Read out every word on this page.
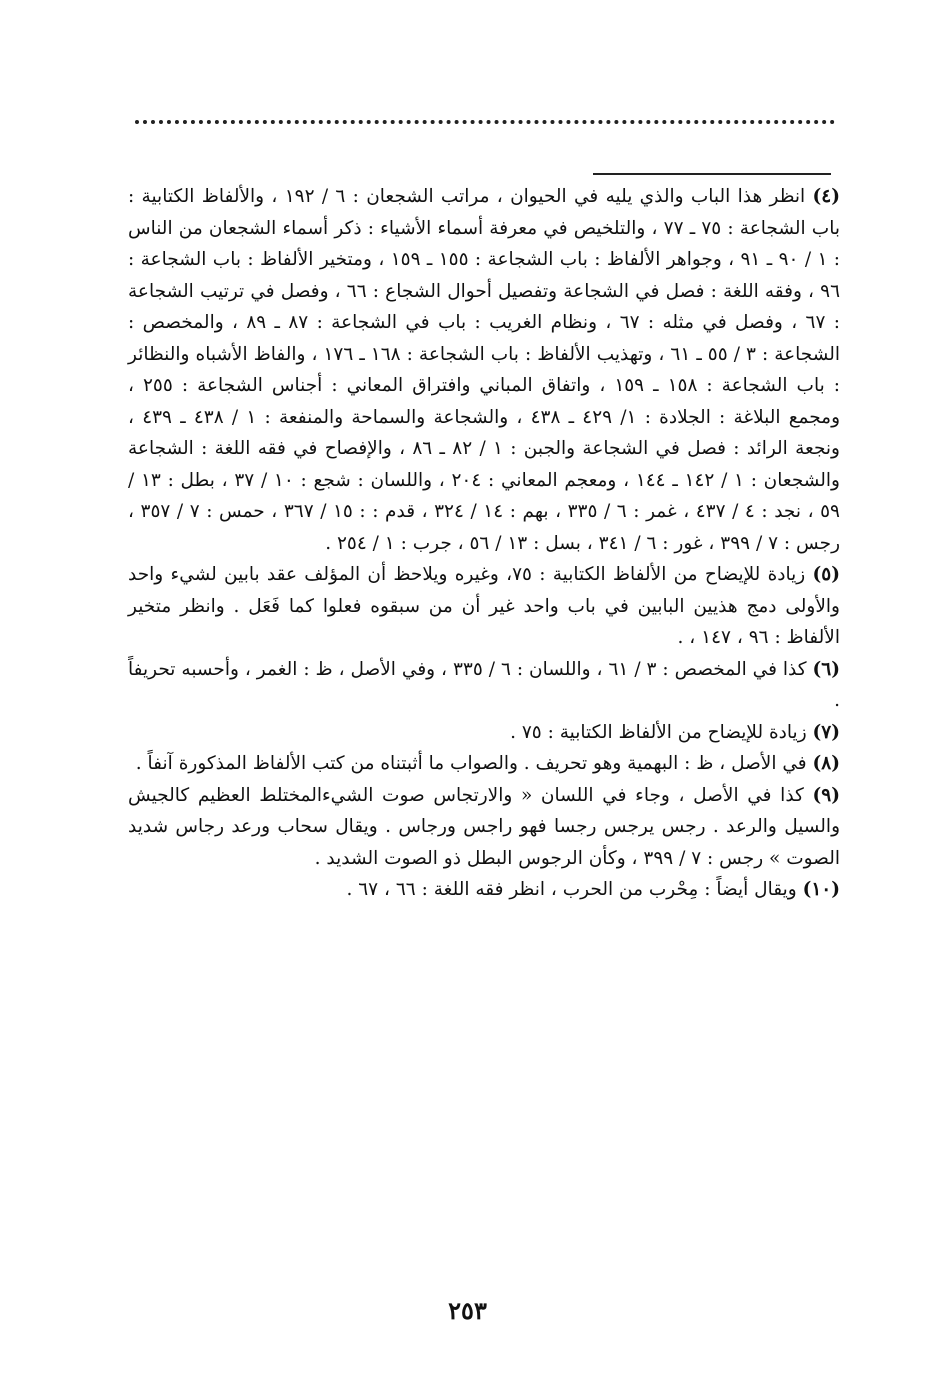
(٤) انظر هذا الباب والذي يليه في الحيوان ، مراتب الشجعان : ٦ / ١٩٢ ، والألفاظ الكتابية : باب الشجاعة : ٧٥ ـ ٧٧ ، والتلخيص في معرفة أسماء الأشياء : ذكر أسماء الشجعان من الناس : ١ / ٩٠ ـ ٩١ ، وجواهر الألفاظ : باب الشجاعة : ١٥٥ ـ ١٥٩ ، ومتخير الألفاظ : باب الشجاعة : ٩٦ ، وفقه اللغة : فصل في الشجاعة وتفصيل أحوال الشجاع : ٦٦ ، وفصل في ترتيب الشجاعة : ٦٧ ، وفصل في مثله : ٦٧ ، ونظام الغريب : باب في الشجاعة : ٨٧ ـ ٨٩ ، والمخصص : الشجاعة : ٣ / ٥٥ ـ ٦١ ، وتهذيب الألفاظ : باب الشجاعة : ١٦٨ ـ ١٧٦ ، والفاظ الأشباه والنظائر : باب الشجاعة : ١٥٨ ـ ١٥٩ ، واتفاق المباني وافتراق المعاني : أجناس الشجاعة : ٢٥٥ ، ومجمع البلاغة : الجلادة : ١/ ٤٢٩ ـ ٤٣٨ ، والشجاعة والسماحة والمنفعة : ١ / ٤٣٨ ـ ٤٣٩ ، ونجعة الرائد : فصل في الشجاعة والجبن : ١ / ٨٢ ـ ٨٦ ، والإفصاح في فقه اللغة : الشجاعة والشجعان : ١ / ١٤٢ ـ ١٤٤ ، ومعجم المعاني : ٢٠٤ ، واللسان : شجع : ١٠ / ٣٧ ، بطل : ١٣ / ٥٩ ، نجد : ٤ / ٤٣٧ ، غمر : ٦ / ٣٣٥ ، بهم : ١٤ / ٣٢٤ ، قدم : : ١٥ / ٣٦٧ ، حمس : ٧ / ٣٥٧ ، رجس : ٧ / ٣٩٩ ، غور : ٦ / ٣٤١ ، بسل : ١٣ / ٥٦ ، جرب : ١ / ٢٥٤ .

(٥) زيادة للإيضاح من الألفاظ الكتابية : ٧٥، وغيره ويلاحظ أن المؤلف عقد بابين لشيء واحد والأولى دمج هذيين البابين في باب واحد غير أن من سبقوه فعلوا كما فَعَل . وانظر متخير الألفاظ : ٩٦ ، ١٤٧ ، .

(٦) كذا في المخصص : ٣ / ٦١ ، واللسان : ٦ / ٣٣٥ ، وفي الأصل ، ظ : الغمر ، وأحسبه تحريفاً .

(٧) زيادة للإيضاح من الألفاظ الكتابية : ٧٥ .

(٨) في الأصل ، ظ : البهمية وهو تحريف . والصواب ما أثبتناه من كتب الألفاظ المذكورة آنفاً .

(٩) كذا في الأصل ، وجاء في اللسان « والارتجاس صوت الشيءالمختلط العظيم كالجيش والسيل والرعد . رجس يرجس رجسا فهو راجس ورجاس . ويقال سحاب ورعد رجاس شديد الصوت » رجس : ٧ / ٣٩٩ ، وكأن الرجوس البطل ذو الصوت الشديد .

(١٠) ويقال أيضاً : مِحْرب من الحرب ، انظر فقه اللغة : ٦٦ ، ٦٧ .

٢٥٣
